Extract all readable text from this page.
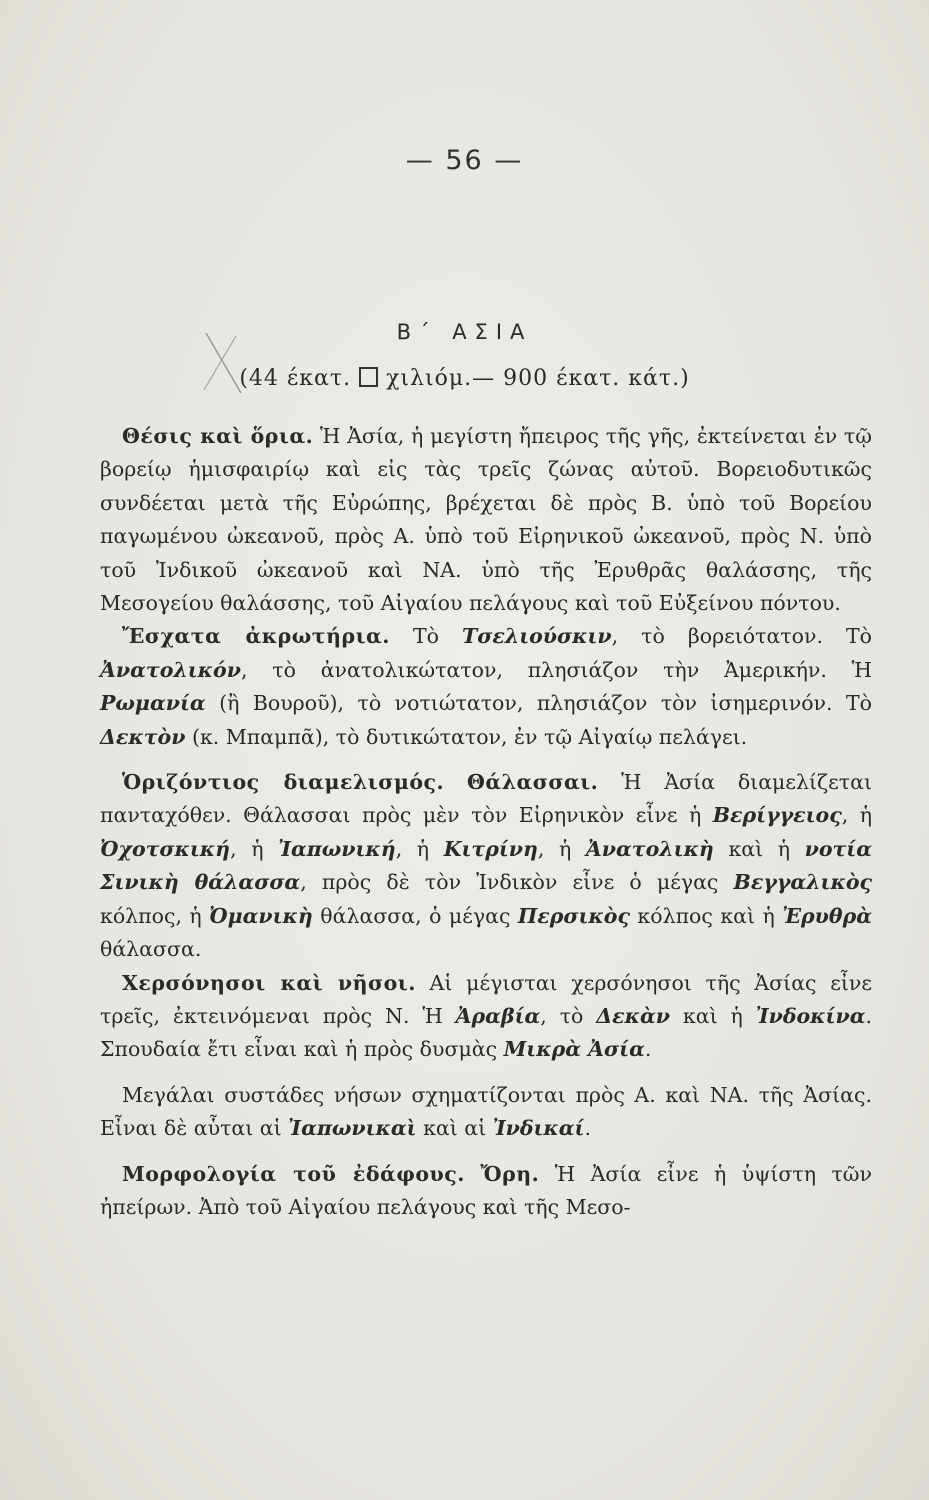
— 56 —
Β΄ ΑΣΙΑ
(44 έκατ. χιλιόμ.— 900 έκατ. κάτ.)

Θέσις καὶ ὅρια. Ἡ Ἀσία, ἡ μεγίστη ἤπειρος τῆς γῆς, ἐκτείνεται ἐν τῷ βορείῳ ἡμισφαιρίῳ καὶ εἰς τὰς τρεῖς ζώνας αὐτοῦ. Βορειοδυτικῶς συνδέεται μετὰ τῆς Εὐρώπης, βρέχεται δὲ πρὸς Β. ὑπὸ τοῦ Βορείου παγωμένου ὠκεανοῦ, πρὸς Α. ὑπὸ τοῦ Εἰρηνικοῦ ὠκεανοῦ, πρὸς Ν. ὑπὸ τοῦ Ἰνδικοῦ ὠκεανοῦ καὶ ΝΑ. ὑπὸ τῆς Ἐρυθρᾶς θαλάσσης, τῆς Μεσογείου θαλάσσης, τοῦ Αἰγαίου πελάγους καὶ τοῦ Εὐξείνου πόντου.

Ἔσχατα ἀκρωτήρια. Τὸ Τσελιούσκιν, τὸ βορειότατον. Τὸ Ἀνατολικόν, τὸ ἀνατολικώτατον, πλησιάζον τὴν Ἀμερικήν. Ἡ Ρωμανία (ἢ Βουροῦ), τὸ νοτιώτατον, πλησιάζον τὸν ἰσημερινόν. Τὸ Δεκτὸν (κ. Μπαμπᾶ), τὸ δυτικώτατον, ἐν τῷ Αἰγαίῳ πελάγει.

Ὁριζόντιος διαμελισμός. Θάλασσαι. Ἡ Ἀσία διαμελίζεται πανταχόθεν. Θάλασσαι πρὸς μὲν τὸν Εἰρηνικὸν εἶνε ἡ Βερίγγειος, ἡ Ὀχοτσκική, ἡ Ἰαπωνική, ἡ Κιτρίνη, ἡ Ἀνατολικὴ καὶ ἡ νοτία Σινικὴ θάλασσα, πρὸς δὲ τὸν Ἰνδικὸν εἶνε ὁ μέγας Βεγγαλικὸς κόλπος, ἡ Ὀμανικὴ θάλασσα, ὁ μέγας Περσικὸς κόλπος καὶ ἡ Ἐρυθρὰ θάλασσα.

Χερσόνησοι καὶ νῆσοι. Αἱ μέγισται χερσόνησοι τῆς Ἀσίας εἶνε τρεῖς, ἐκτεινόμεναι πρὸς Ν. Ἡ Ἀραβία, τὸ Δεκὰν καὶ ἡ Ἰνδοκίνα. Σπουδαία ἔτι εἶναι καὶ ἡ πρὸς δυσμὰς Μικρὰ Ἀσία.

Μεγάλαι συστάδες νήσων σχηματίζονται πρὸς Α. καὶ ΝΑ. τῆς Ἀσίας. Εἶναι δὲ αὗται αἱ Ἰαπωνικαὶ καὶ αἱ Ἰνδικαί.

Μορφολογία τοῦ ἐδάφους. Ὄρη. Ἡ Ἀσία εἶνε ἡ ὑψίστη τῶν ἠπείρων. Ἀπὸ τοῦ Αἰγαίου πελάγους καὶ τῆς Μεσο-
